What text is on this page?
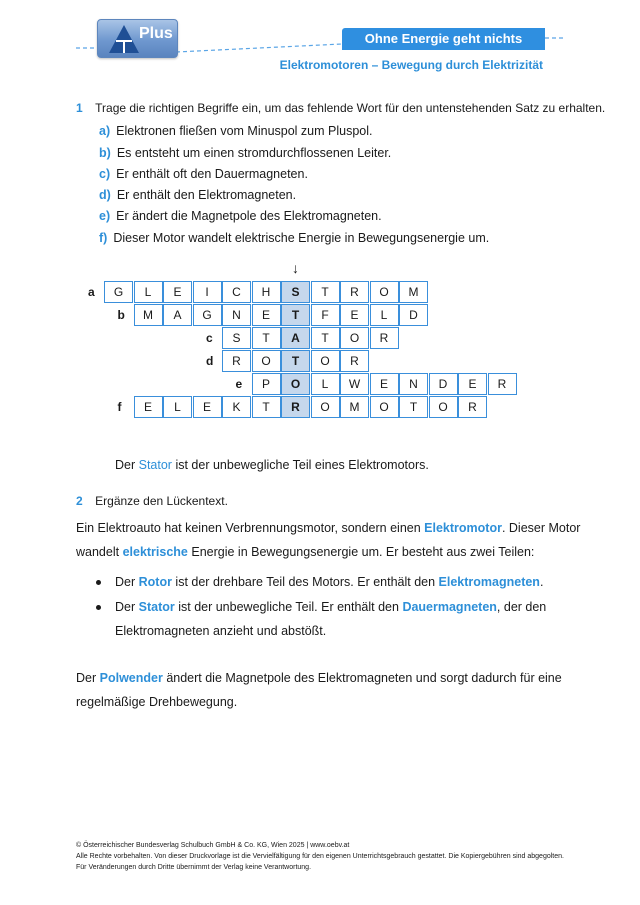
Plus	Ohne Energie geht nichts
Elektromotoren – Bewegung durch Elektrizität
1 Trage die richtigen Begriffe ein, um das fehlende Wort für den untenstehenden Satz zu erhalten.
a) Elektronen fließen vom Minuspol zum Pluspol.
b) Es entsteht um einen stromdurchflossenen Leiter.
c) Er enthält oft den Dauermagneten.
d) Er enthält den Elektromagneten.
e) Er ändert die Magnetpole des Elektromagneten.
f) Dieser Motor wandelt elektrische Energie in Bewegungsenergie um.
↓
a	G	L	E	I	C	H	S	T	R	O	M
b	M	A	G	N	E	T	F	E	L	D
c	S	T	A	T	O	R
d	R	O	T	O	R
e	P	O	L	W	E	N	D	E	R
f	E	L	E	K	T	R	O	M	O	T	O	R
Der Stator ist der unbewegliche Teil eines Elektromotors.
2 Ergänze den Lückentext.
Ein Elektroauto hat keinen Verbrennungsmotor, sondern einen Elektromotor. Dieser Motor
wandelt elektrische Energie in Bewegungsenergie um. Er besteht aus zwei Teilen:
Der Rotor ist der drehbare Teil des Motors. Er enthält den Elektromagneten.
Der Stator ist der unbewegliche Teil. Er enthält den Dauermagneten, der den
Elektromagneten anzieht und abstößt.
Der Polwender ändert die Magnetpole des Elektromagneten und sorgt dadurch für eine
regelmäßige Drehbewegung.
© Österreichischer Bundesverlag Schulbuch GmbH & Co. KG, Wien 2025 | www.oebv.at
Alle Rechte vorbehalten. Von dieser Druckvorlage ist die Vervielfältigung für den eigenen Unterrichtsgebrauch gestattet. Die Kopiergebühren sind abgegolten.
Für Veränderungen durch Dritte übernimmt der Verlag keine Verantwortung.
